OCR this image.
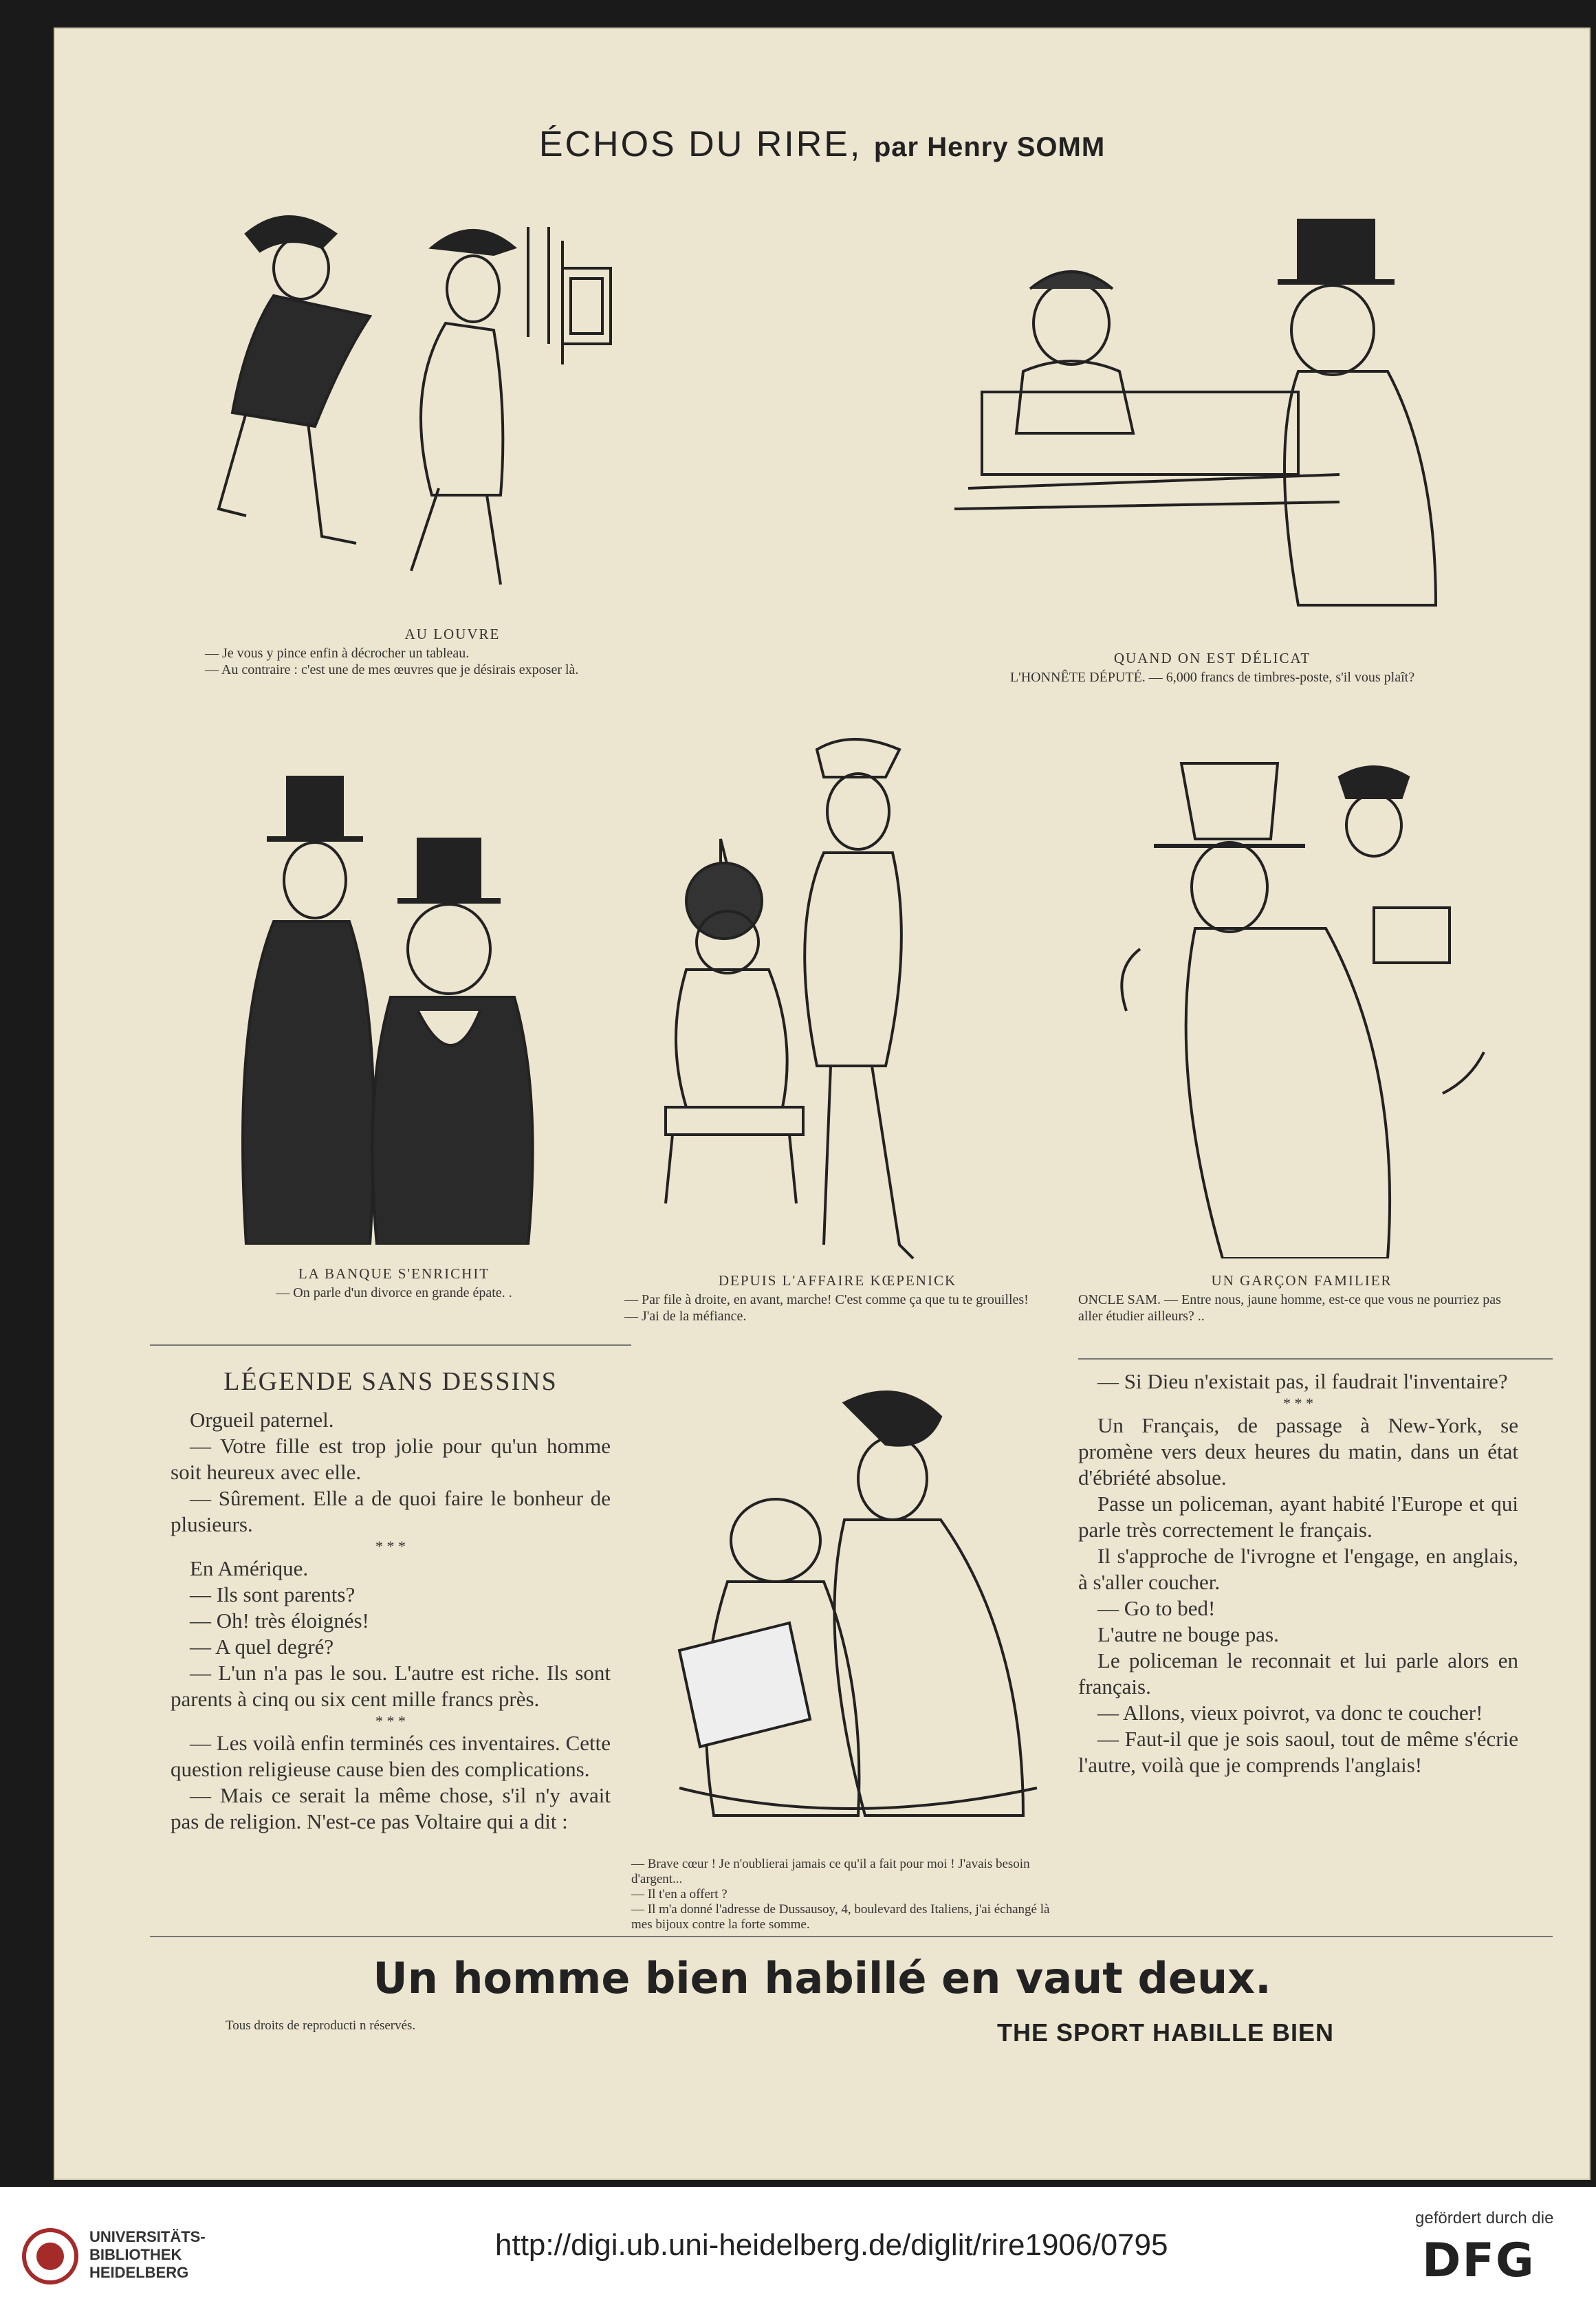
ÉCHOS DU RIRE, par Henry SOMM
AU LOUVRE
— Je vous y pince enfin à décrocher un tableau.
— Au contraire : c'est une de mes œuvres que je désirais exposer là.
QUAND ON EST DÉLICAT
L'HONNÊTE DÉPUTÉ. — 6,000 francs de timbres-poste, s'il vous plaît?
LA BANQUE S'ENRICHIT
— On parle d'un divorce en grande épate. .
DEPUIS L'AFFAIRE KŒPENICK
— Par file à droite, en avant, marche! C'est comme ça que tu te grouilles!
— J'ai de la méfiance.
UN GARÇON FAMILIER
ONCLE SAM. — Entre nous, jaune homme, est-ce que vous ne pourriez pas aller étudier ailleurs? ..
LÉGENDE SANS DESSINS

Orgueil paternel.

— Votre fille est trop jolie pour qu'un homme soit heureux avec elle.

— Sûrement. Elle a de quoi faire le bonheur de plusieurs.

* * *

En Amérique.

— Ils sont parents?

— Oh! très éloignés!

— A quel degré?

— L'un n'a pas le sou. L'autre est riche. Ils sont parents à cinq ou six cent mille francs près.

* * *

— Les voilà enfin terminés ces inventaires. Cette question religieuse cause bien des complications.

— Mais ce serait la même chose, s'il n'y avait pas de religion. N'est-ce pas Voltaire qui a dit :

— Brave cœur ! Je n'oublierai jamais ce qu'il a fait pour moi ! J'avais besoin d'argent...
— Il t'en a offert ?
— Il m'a donné l'adresse de Dussausoy, 4, boulevard des Italiens, j'ai échangé là mes bijoux contre la forte somme.

— Si Dieu n'existait pas, il faudrait l'inventaire?

* * *

Un Français, de passage à New-York, se promène vers deux heures du matin, dans un état d'ébriété absolue.

Passe un policeman, ayant habité l'Europe et qui parle très correctement le français.

Il s'approche de l'ivrogne et l'engage, en anglais, à s'aller coucher.

— Go to bed!

L'autre ne bouge pas.

Le policeman le reconnait et lui parle alors en français.

— Allons, vieux poivrot, va donc te coucher!

— Faut-il que je sois saoul, tout de même s'écrie l'autre, voilà que je comprends l'anglais!

Un homme bien habillé en vaut deux.
Tous droits de reproducti n réservés.	THE SPORT HABILLE BIEN
UNIVERSITÄTS-
BIBLIOTHEK
HEIDELBERG
http://digi.ub.uni-heidelberg.de/diglit/rire1906/0795
gefördert durch die
DFG
